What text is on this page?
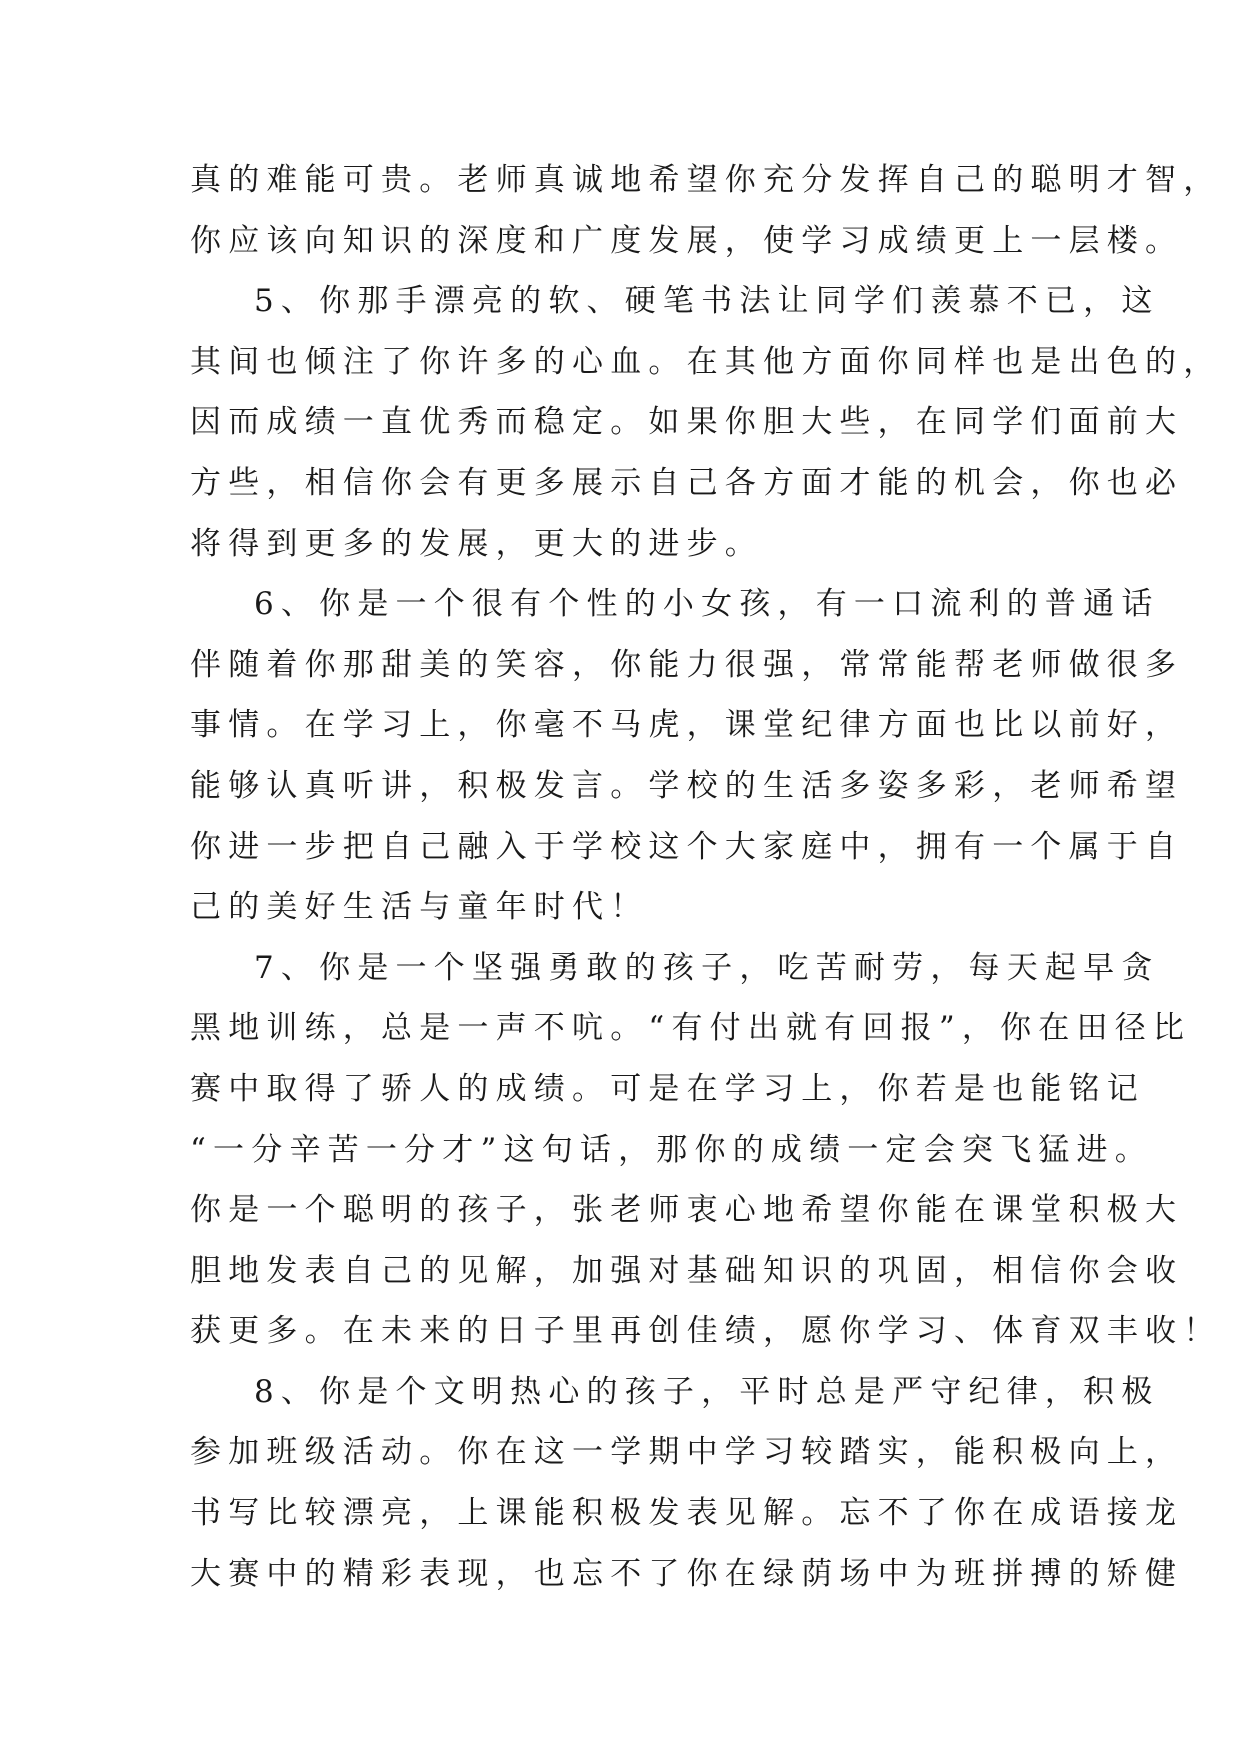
真的难能可贵。老师真诚地希望你充分发挥自己的聪明才智，
你应该向知识的深度和广度发展，使学习成绩更上一层楼。
5、你那手漂亮的软、硬笔书法让同学们羡慕不已，这
其间也倾注了你许多的心血。在其他方面你同样也是出色的，
因而成绩一直优秀而稳定。如果你胆大些，在同学们面前大
方些，相信你会有更多展示自己各方面才能的机会，你也必
将得到更多的发展，更大的进步。
6、你是一个很有个性的小女孩，有一口流利的普通话
伴随着你那甜美的笑容，你能力很强，常常能帮老师做很多
事情。在学习上，你毫不马虎，课堂纪律方面也比以前好，
能够认真听讲，积极发言。学校的生活多姿多彩，老师希望
你进一步把自己融入于学校这个大家庭中，拥有一个属于自
己的美好生活与童年时代！
7、你是一个坚强勇敢的孩子，吃苦耐劳，每天起早贪
黑地训练，总是一声不吭。“有付出就有回报”，你在田径比
赛中取得了骄人的成绩。可是在学习上，你若是也能铭记
“一分辛苦一分才”这句话，那你的成绩一定会突飞猛进。
你是一个聪明的孩子，张老师衷心地希望你能在课堂积极大
胆地发表自己的见解，加强对基础知识的巩固，相信你会收
获更多。在未来的日子里再创佳绩，愿你学习、体育双丰收！
8、你是个文明热心的孩子，平时总是严守纪律，积极
参加班级活动。你在这一学期中学习较踏实，能积极向上，
书写比较漂亮，上课能积极发表见解。忘不了你在成语接龙
大赛中的精彩表现，也忘不了你在绿荫场中为班拼搏的矫健
